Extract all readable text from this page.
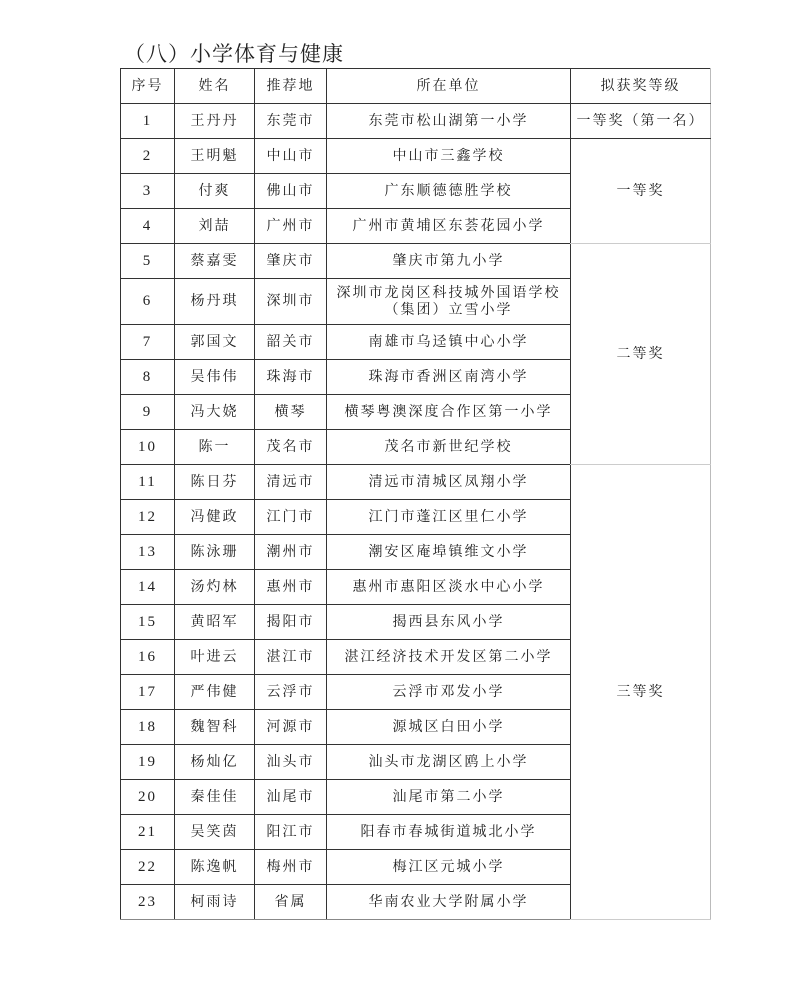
（八）小学体育与健康
序号	姓名	推荐地	所在单位	拟获奖等级
1	王丹丹	东莞市	东莞市松山湖第一小学	一等奖（第一名）
2	王明魁	中山市	中山市三鑫学校	一等奖
3	付爽	佛山市	广东顺德德胜学校	
4	刘喆	广州市	广州市黄埔区东荟花园小学	
5	蔡嘉雯	肇庆市	肇庆市第九小学	二等奖
6	杨丹琪	深圳市	深圳市龙岗区科技城外国语学校（集团）立雪小学	
7	郭国文	韶关市	南雄市乌迳镇中心小学	
8	吴伟伟	珠海市	珠海市香洲区南湾小学	
9	冯大娆	横琴	横琴粤澳深度合作区第一小学	
10	陈一	茂名市	茂名市新世纪学校	
11	陈日芬	清远市	清远市清城区凤翔小学	三等奖
12	冯健政	江门市	江门市蓬江区里仁小学	
13	陈泳珊	潮州市	潮安区庵埠镇维文小学	
14	汤灼林	惠州市	惠州市惠阳区淡水中心小学	
15	黄昭军	揭阳市	揭西县东风小学	
16	叶进云	湛江市	湛江经济技术开发区第二小学	
17	严伟健	云浮市	云浮市邓发小学	
18	魏智科	河源市	源城区白田小学	
19	杨灿亿	汕头市	汕头市龙湖区鸥上小学	
20	秦佳佳	汕尾市	汕尾市第二小学	
21	吴笑茵	阳江市	阳春市春城街道城北小学	
22	陈逸帆	梅州市	梅江区元城小学	
23	柯雨诗	省属	华南农业大学附属小学	
